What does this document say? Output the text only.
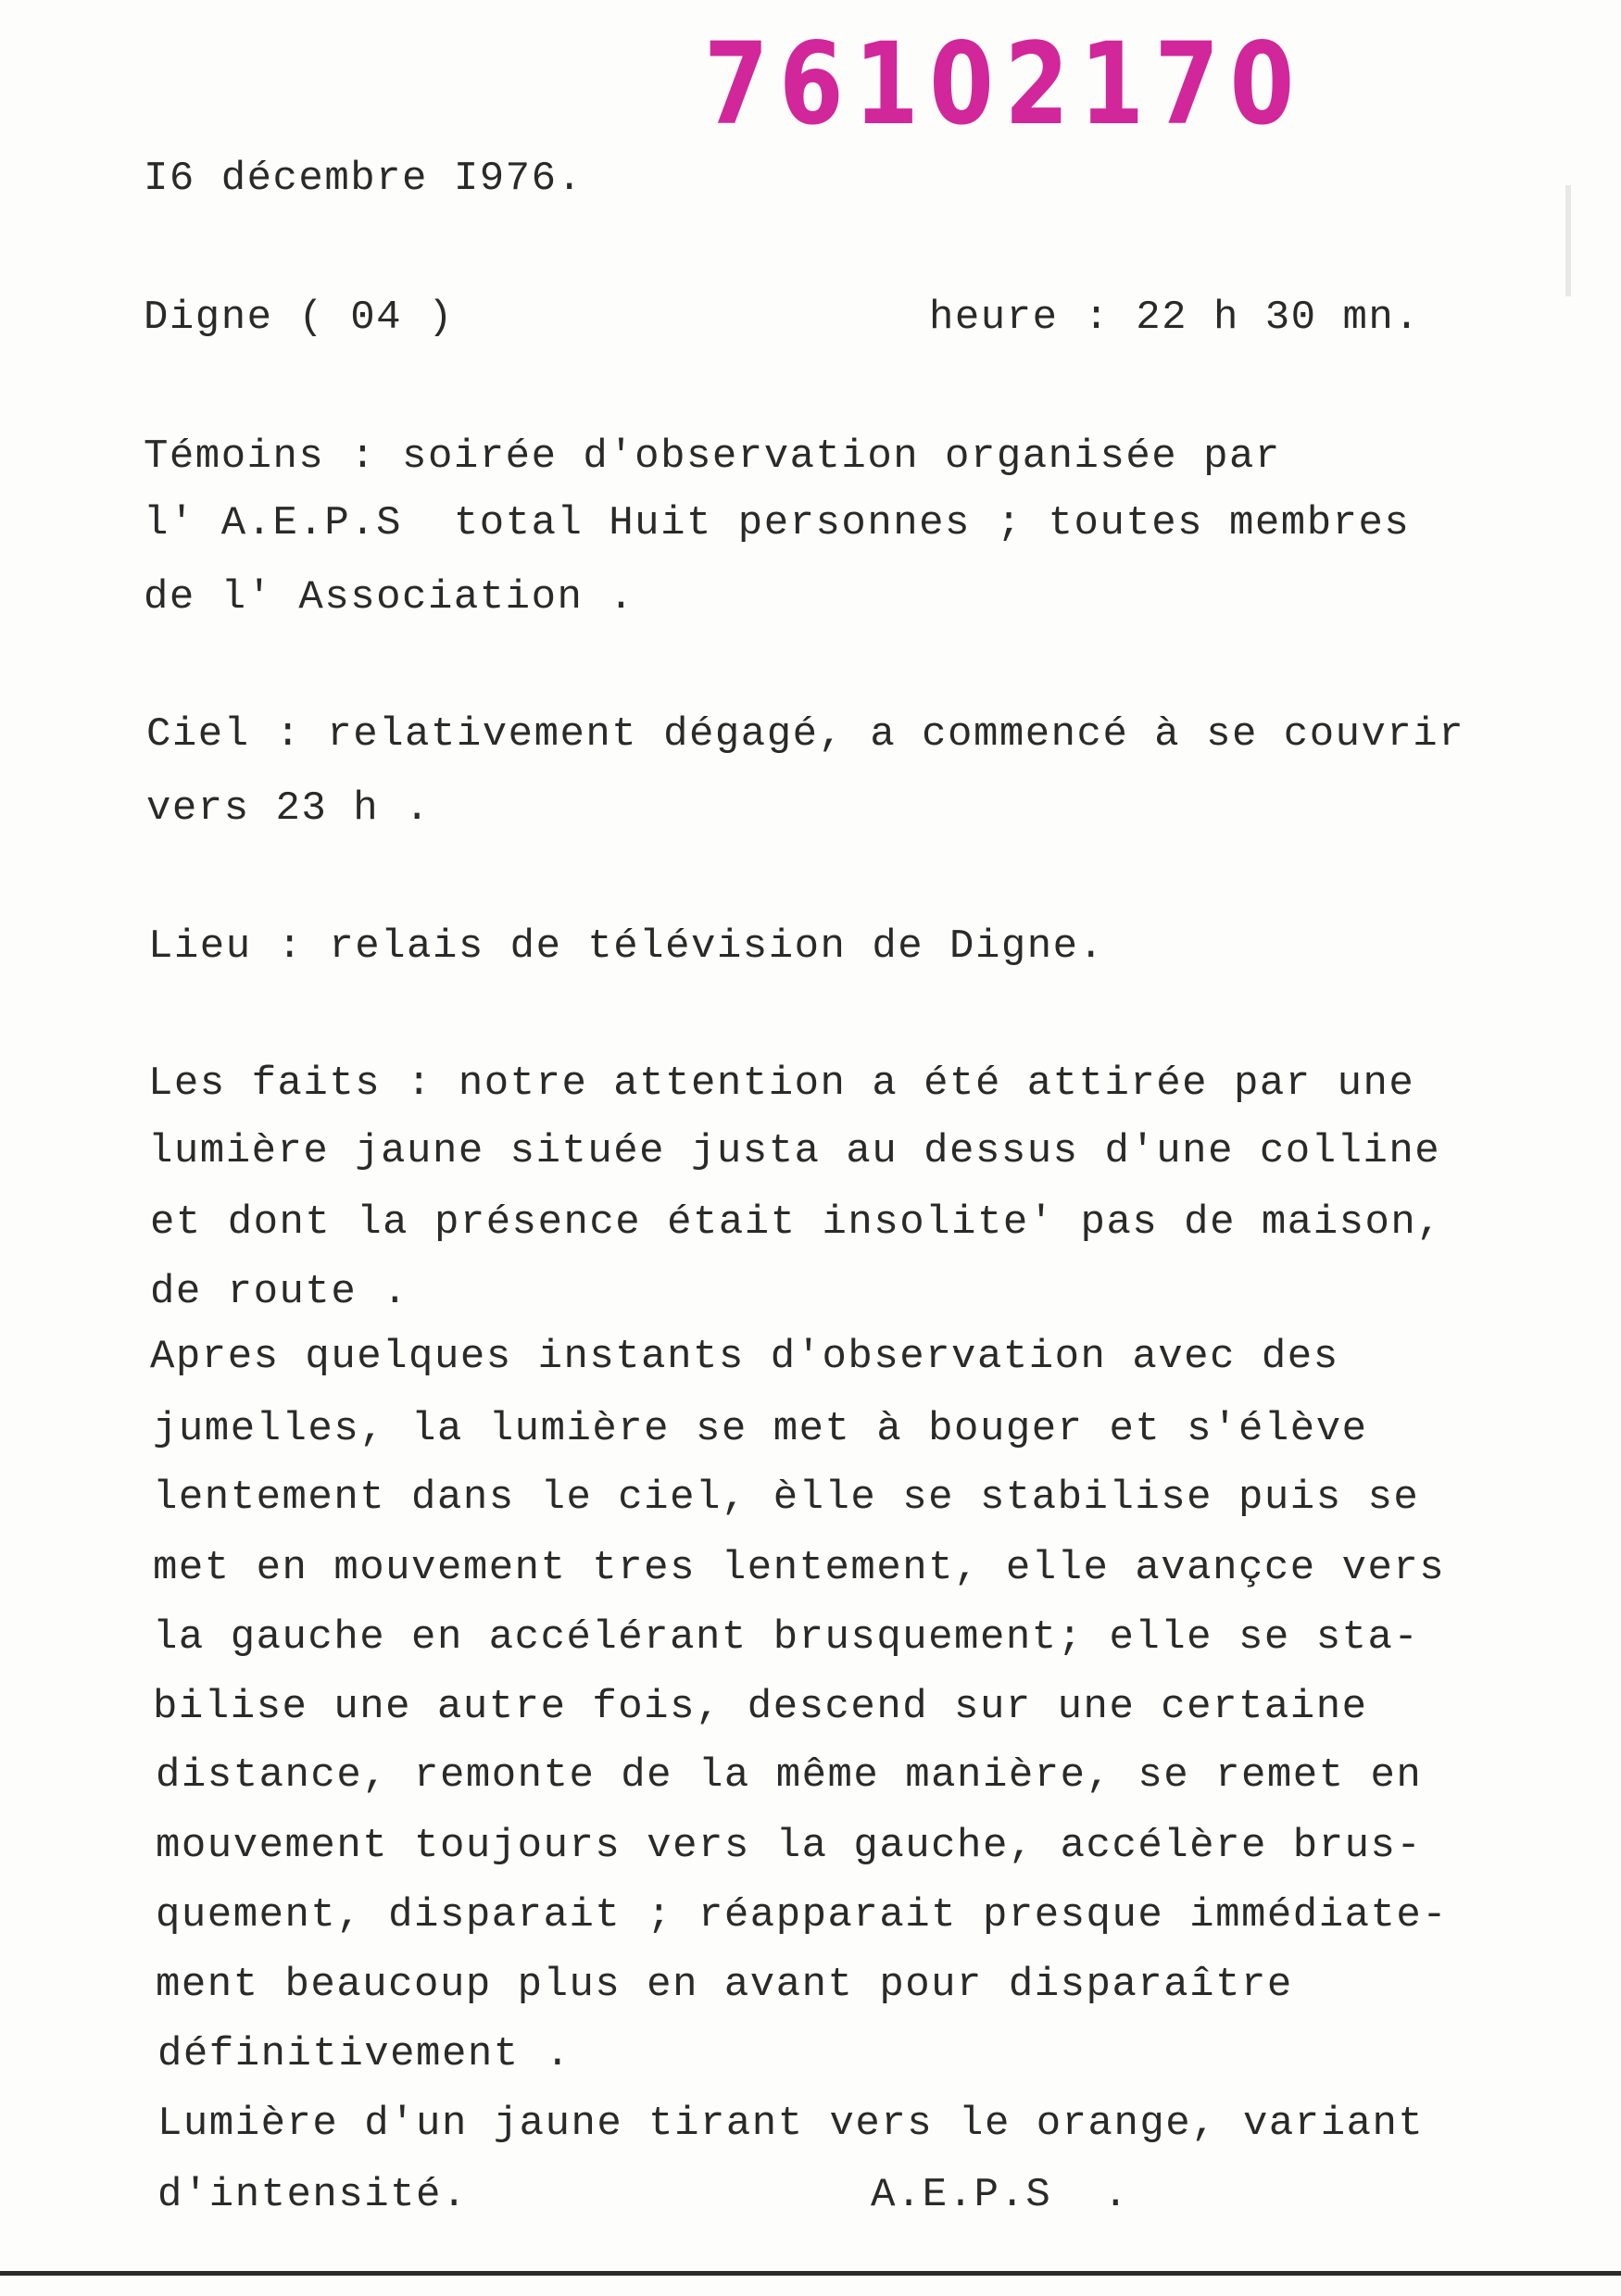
76102170
I6 décembre I976.
Digne ( 04 )	heure : 22 h 30 mn.
Témoins : soirée d'observation organisée par
l' A.E.P.S  total Huit personnes ; toutes membres
de l' Association .
Ciel : relativement dégagé, a commencé à se couvrir
vers 23 h .
Lieu : relais de télévision de Digne.
Les faits : notre attention a été attirée par une
lumière jaune située justa au dessus d'une colline
et dont la présence était insolite' pas de maison,
de route .
Apres quelques instants d'observation avec des
jumelles, la lumière se met à bouger et s'élève
lentement dans le ciel, èlle se stabilise puis se
met en mouvement tres lentement, elle avançce vers
la gauche en accélérant brusquement; elle se sta-
bilise une autre fois, descend sur une certaine
distance, remonte de la même manière, se remet en
mouvement toujours vers la gauche, accélère brus-
quement, disparait ; réapparait presque immédiate-
ment beaucoup plus en avant pour disparaître
définitivement .
Lumière d'un jaune tirant vers le orange, variant
d'intensité.	A.E.P.S  .
